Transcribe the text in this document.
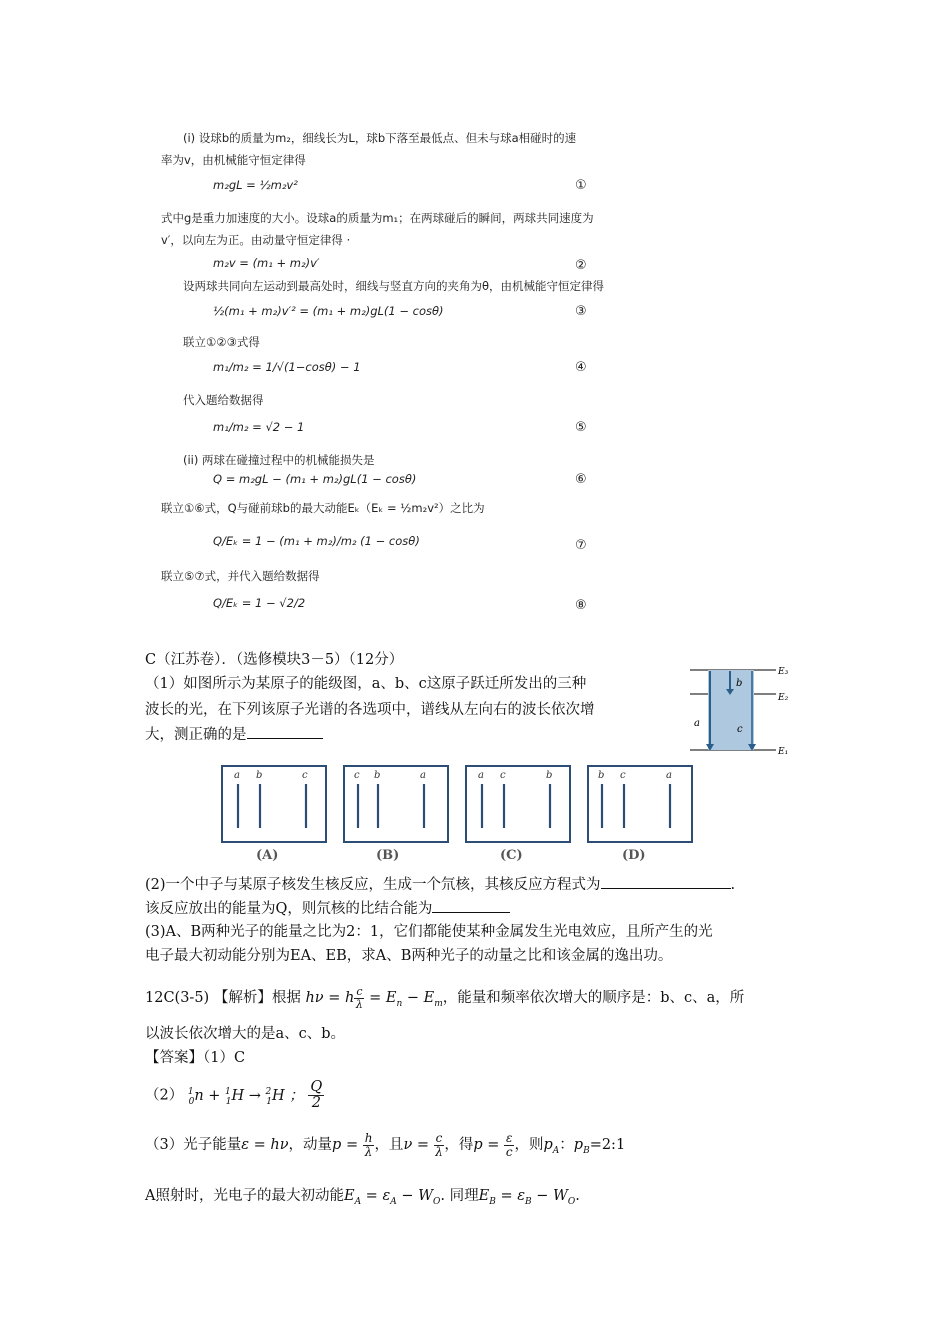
(i) 设球b的质量为m₂，细线长为L，球b下落至最低点、但未与球a相碰时的速
率为v，由机械能守恒定律得
m₂gL = ½m₂v²	①
式中g是重力加速度的大小。设球a的质量为m₁；在两球碰后的瞬间，两球共同速度为
v′，以向左为正。由动量守恒定律得 ·
m₂v = (m₁ + m₂)v′	②
设两球共同向左运动到最高处时，细线与竖直方向的夹角为θ，由机械能守恒定律得
½(m₁ + m₂)v′² = (m₁ + m₂)gL(1 − cosθ)	③
联立①②③式得
m₁/m₂ = 1/√(1−cosθ) − 1	④
代入题给数据得
m₁/m₂ = √2 − 1	⑤
(ii) 两球在碰撞过程中的机械能损失是
Q = m₂gL − (m₁ + m₂)gL(1 − cosθ)	⑥
联立①⑥式，Q与碰前球b的最大动能Eₖ（Eₖ = ½m₂v²）之比为
Q/Eₖ = 1 − (m₁ + m₂)/m₂ (1 − cosθ)	⑦
联立⑤⑦式，并代入题给数据得
Q/Eₖ = 1 − √2/2	⑧
C（江苏卷）．（选修模块3－5）（12分）
（1）如图所示为某原子的能级图，a、b、c这原子跃迁所发出的三种
波长的光，在下列该原子光谱的各选项中，谱线从左向右的波长依次增
大，测正确的是
E₃
E₂
E₁
b
a
c
a b	c
(A)
c b	a
(B)
a c	b
(C)
b c	a
(D)
(2)一个中子与某原子核发生核反应，生成一个氘核，其核反应方程式为	.
该反应放出的能量为Q，则氘核的比结合能为
(3)A、B两种光子的能量之比为2：1，它们都能使某种金属发生光电效应，且所产生的光
电子最大初动能分别为EA、EB，求A、B两种光子的动量之比和该金属的逸出功。
12C(3-5) 【解析】根据 hν = h $\frac{c}{\lambda} = E_n - E_m$，能量和频率依次增大的顺序是：b、c、a，所
以波长依次增大的是a、c、b。
【答案】（1）C
（2） $^1_0$n + $^1_1$H → $^2_1$H ； $\frac{Q}{2}$
（3）光子能量ε = hν，动量$p = \frac{h}{\lambda}$ ，且$\nu = \frac{c}{\lambda}$ ，得$p = \frac{\varepsilon}{c}$ ，则$p_A$：$p_B=2:1$
A照射时，光电子的最大初动能$E_A = \varepsilon_A - W_O$. 同理$E_B = \varepsilon_B - W_O$.
